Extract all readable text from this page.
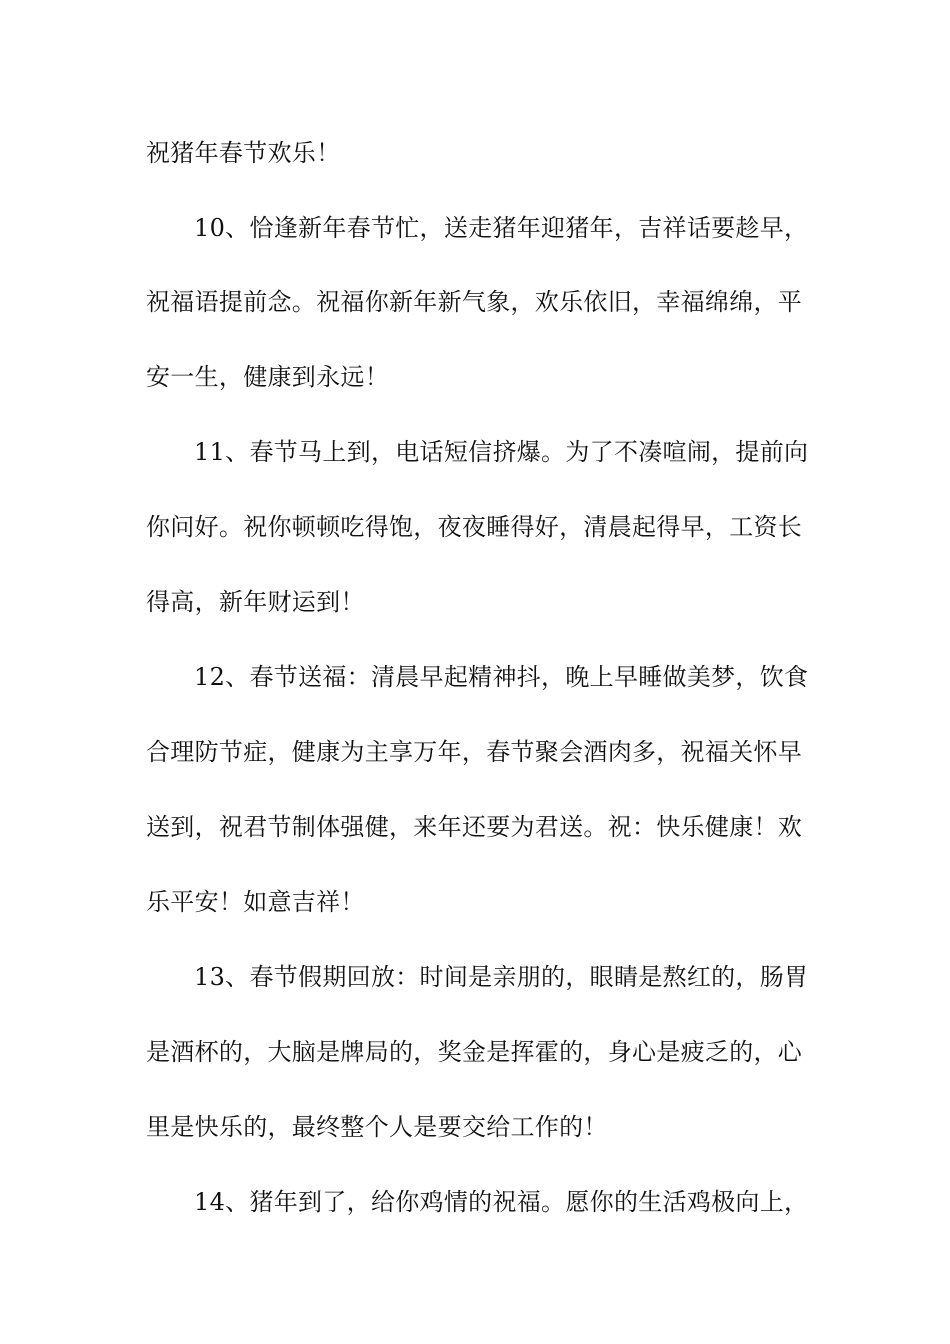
祝猪年春节欢乐！
10、恰逢新年春节忙，送走猪年迎猪年，吉祥话要趁早，
祝福语提前念。祝福你新年新气象，欢乐依旧，幸福绵绵，平
安一生，健康到永远！
11、春节马上到，电话短信挤爆。为了不凑喧闹，提前向
你问好。祝你顿顿吃得饱，夜夜睡得好，清晨起得早，工资长
得高，新年财运到！
12、春节送福：清晨早起精神抖，晚上早睡做美梦，饮食
合理防节症，健康为主享万年，春节聚会酒肉多，祝福关怀早
送到，祝君节制体强健，来年还要为君送。祝：快乐健康！欢
乐平安！如意吉祥！
13、春节假期回放：时间是亲朋的，眼睛是熬红的，肠胃
是酒杯的，大脑是牌局的，奖金是挥霍的，身心是疲乏的，心
里是快乐的，最终整个人是要交给工作的！
14、猪年到了，给你鸡情的祝福。愿你的生活鸡极向上，
